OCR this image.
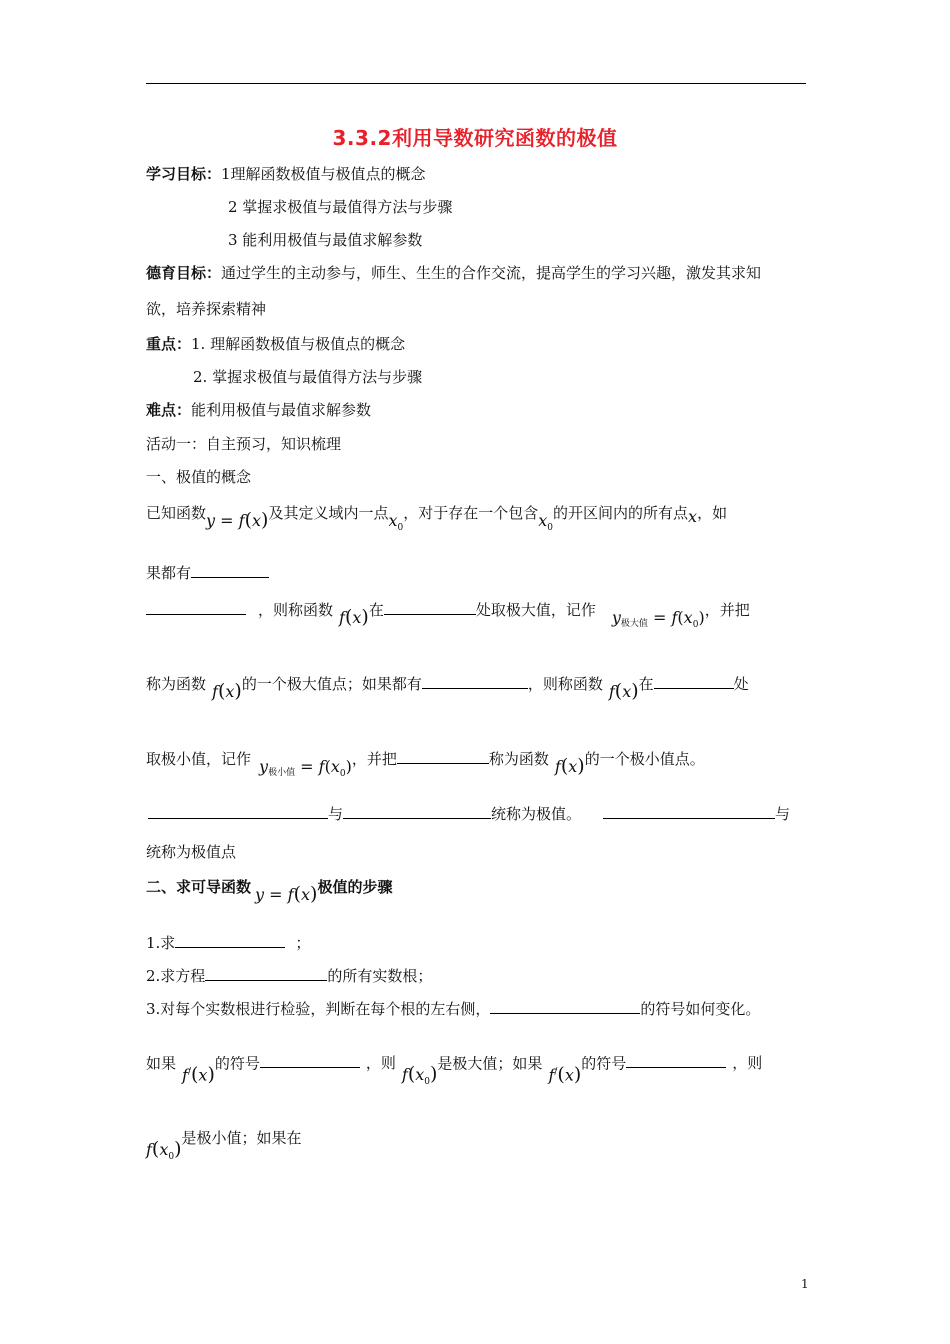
3.3.2利用导数研究函数的极值
学习目标：1理解函数极值与极值点的概念
2 掌握求极值与最值得方法与步骤
3 能利用极值与最值求解参数
德育目标：通过学生的主动参与，师生、生生的合作交流，提高学生的学习兴趣，激发其求知
欲，培养探索精神
重点：1. 理解函数极值与极值点的概念
2. 掌握求极值与最值得方法与步骤
难点：能利用极值与最值求解参数
活动一：自主预习，知识梳理
一、极值的概念
已知函数y = f(x)及其定义域内一点$x_0$，对于存在一个包含$x_0$的开区间内的所有点x，如
果都有
，则称函数 f(x)在	处取极大值，记作 y极大值 = $f(x_0)$，并把
称为函数 f(x)的一个极大值点；如果都有	，则称函数 f(x)在	处
取极小值，记作 y极小值 = $f(x_0)$，并把	称为函数 f(x)的一个极小值点。
与	统称为极值。	与
统称为极值点
二、求可导函数 y = f(x)极值的步骤
1.求	；
2.求方程	的所有实数根；
3.对每个实数根进行检验，判断在每个根的左右侧，	的符号如何变化。
如果f/(x)的符号	，则$f(x_0)$是极大值；如果f/(x)的符号	，则
$f(x_0)$是极小值；如果在
1
